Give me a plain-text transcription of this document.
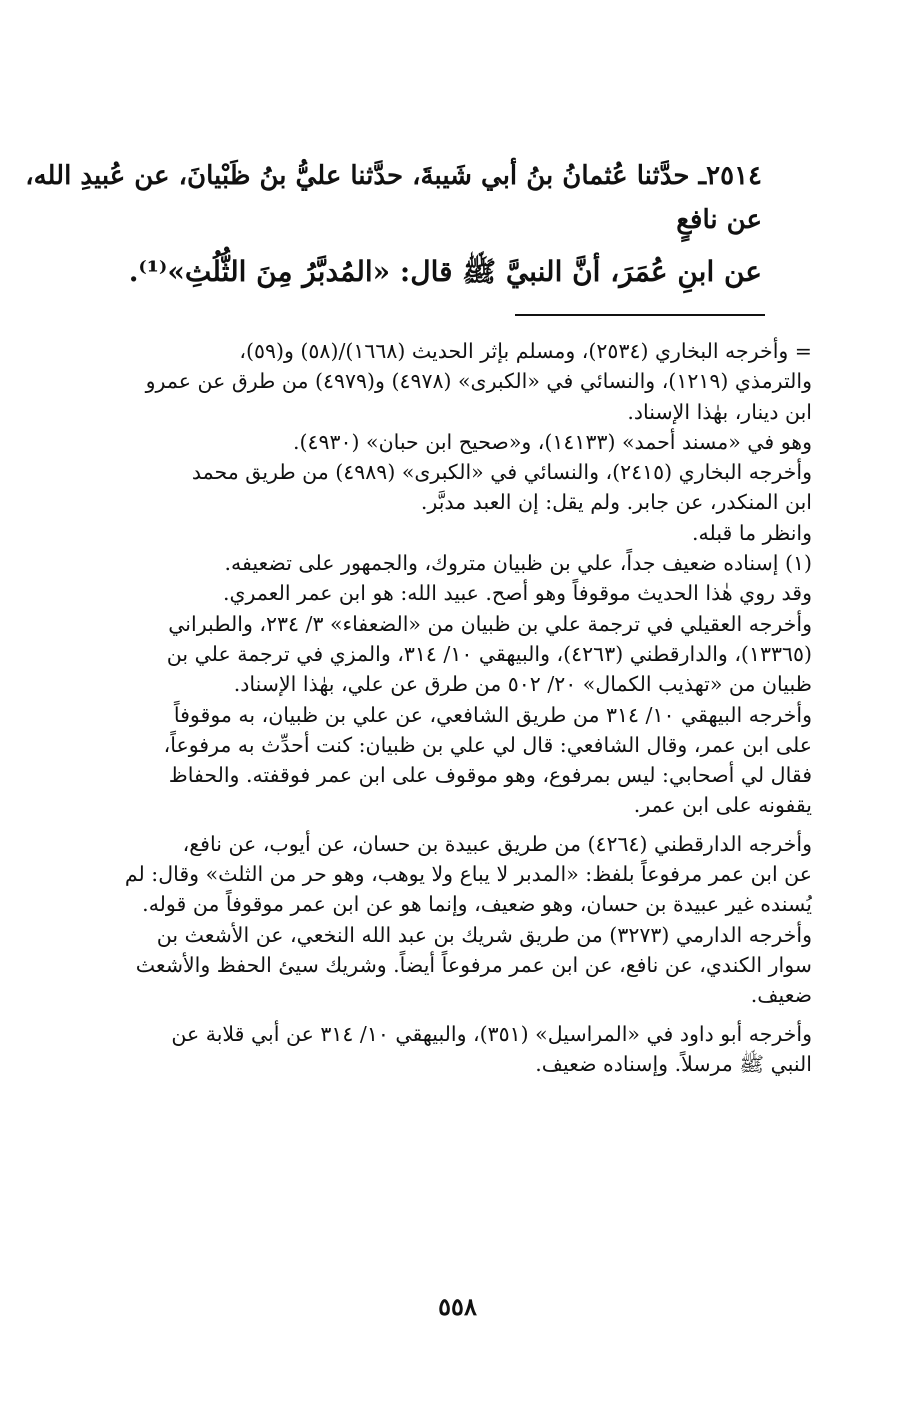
٢٥١٤ـ حدَّثنا عُثمانُ بنُ أبي شَيبةَ، حدَّثنا عليُّ بنُ ظَبْيانَ، عن عُبيدِ الله،
عن نافعٍ
عن ابنِ عُمَرَ، أنَّ النبيَّ ﷺ قال: «المُدبَّرُ مِنَ الثُّلُثِ»⁽¹⁾.
= وأخرجه البخاري (٢٥٣٤)، ومسلم بإثر الحديث (١٦٦٨)/(٥٨) و(٥٩)،
والترمذي (١٢١٩)، والنسائي في «الكبرى» (٤٩٧٨) و(٤٩٧٩) من طرق عن عمرو
ابن دينار، بهٰذا الإسناد.
وهو في «مسند أحمد» (١٤١٣٣)، و«صحيح ابن حبان» (٤٩٣٠).
وأخرجه البخاري (٢٤١٥)، والنسائي في «الكبرى» (٤٩٨٩) من طريق محمد
ابن المنكدر، عن جابر. ولم يقل: إن العبد مدبَّر.
وانظر ما قبله.
(١) إسناده ضعيف جداً، علي بن ظبيان متروك، والجمهور على تضعيفه.
وقد روي هٰذا الحديث موقوفاً وهو أصح. عبيد الله: هو ابن عمر العمري.
وأخرجه العقيلي في ترجمة علي بن ظبيان من «الضعفاء» ٣/ ٢٣٤، والطبراني
(١٣٣٦٥)، والدارقطني (٤٢٦٣)، والبيهقي ١٠/ ٣١٤، والمزي في ترجمة علي بن
ظبيان من «تهذيب الكمال» ٢٠/ ٥٠٢ من طرق عن علي، بهٰذا الإسناد.
وأخرجه البيهقي ١٠/ ٣١٤ من طريق الشافعي، عن علي بن ظبيان، به موقوفاً
على ابن عمر، وقال الشافعي: قال لي علي بن ظبيان: كنت أحدِّث به مرفوعاً،
فقال لي أصحابي: ليس بمرفوع، وهو موقوف على ابن عمر فوقفته. والحفاظ
يقفونه على ابن عمر.
وأخرجه الدارقطني (٤٢٦٤) من طريق عبيدة بن حسان، عن أيوب، عن نافع،
عن ابن عمر مرفوعاً بلفظ: «المدبر لا يباع ولا يوهب، وهو حر من الثلث» وقال: لم
يُسنده غير عبيدة بن حسان، وهو ضعيف، وإنما هو عن ابن عمر موقوفاً من قوله.
وأخرجه الدارمي (٣٢٧٣) من طريق شريك بن عبد الله النخعي، عن الأشعث بن
سوار الكندي، عن نافع، عن ابن عمر مرفوعاً أيضاً. وشريك سيئ الحفظ والأشعث
ضعيف.
وأخرجه أبو داود في «المراسيل» (٣٥١)، والبيهقي ١٠/ ٣١٤ عن أبي قلابة عن
النبي ﷺ مرسلاً. وإسناده ضعيف.
٥٥٨
